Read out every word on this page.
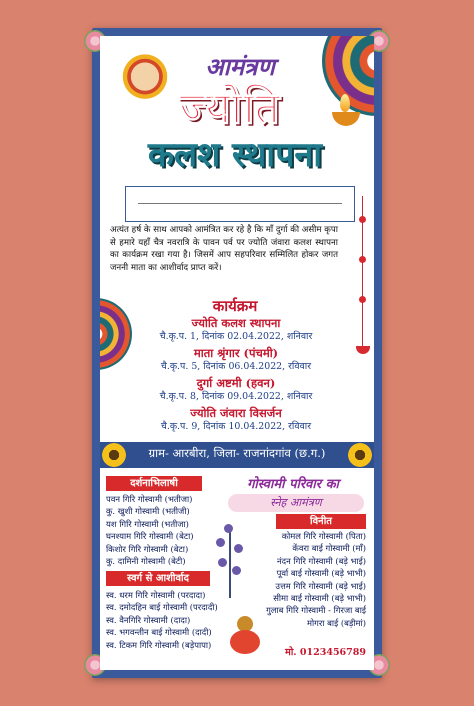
आमंत्रण
ज्योति
कलश स्थापना
अत्यंत हर्ष के साथ आपको आमंत्रित कर रहे है कि माँ दुर्गा की असीम कृपा से हमारे यहाँ चैत्र नवरात्रि के पावन पर्व पर ज्योति जंवारा कलश स्थापना का कार्यक्रम रखा गया है। जिसमें आप सहपरिवार सम्मिलित होकर जगत जननी माता का आशीर्वाद प्राप्त करें।
कार्यक्रम
ज्योति कलश स्थापना
चै.कृ.प. 1, दिनांक 02.04.2022, शनिवार
माता श्रृंगार (पंचमी)
चै.कृ.प. 5, दिनांक 06.04.2022, रविवार
दुर्गा अष्टमी (हवन)
चै.कृ.प. 8, दिनांक 09.04.2022, शनिवार
ज्योति जंवारा विसर्जन
चै.कृ.प. 9, दिनांक 10.04.2022, रविवार
ग्राम- आरबीरा, जिला- राजनांदगांव (छ.ग.)
दर्शनाभिलाषी
पवन गिरि गोस्वामी (भतीजा)
कु. खुशी गोस्वामी (भतीजी)
यश गिरि गोस्वामी (भतीजा)
घनश्याम गिरि गोस्वामी (बेटा)
किशोर गिरि गोस्वामी (बेटा)
कु. दामिनी गोस्वामी (बेटी)
स्वर्ग से आशीर्वाद
स्व. धरम गिरि गोस्वामी (परदादा)
स्व. दमोदहिन बाई गोस्वामी (परदादी)
स्व. वैनगिरि गोस्वामी (दादा)
स्व. भगवन्तीन बाई गोस्वामी (दादी)
स्व. टिकम गिरि गोस्वामी (बड़ेपापा)
गोस्वामी परिवार का
स्नेह आमंत्रण
विनीत
कोमल गिरि गोस्वामी (पिता)
केंवरा बाई गोस्वामी (माँ)
नंदन गिरि गोस्वामी (बड़े भाई)
पूर्वा बाई गोस्वामी (बड़े भाभी)
उत्तम गिरि गोस्वामी (बड़े भाई)
सीमा बाई गोस्वामी (बड़े भाभी)
गुलाब गिरि गोस्वामी - गिरजा बाई
मोगरा बाई (बड़ीमां)
मो. 0123456789
